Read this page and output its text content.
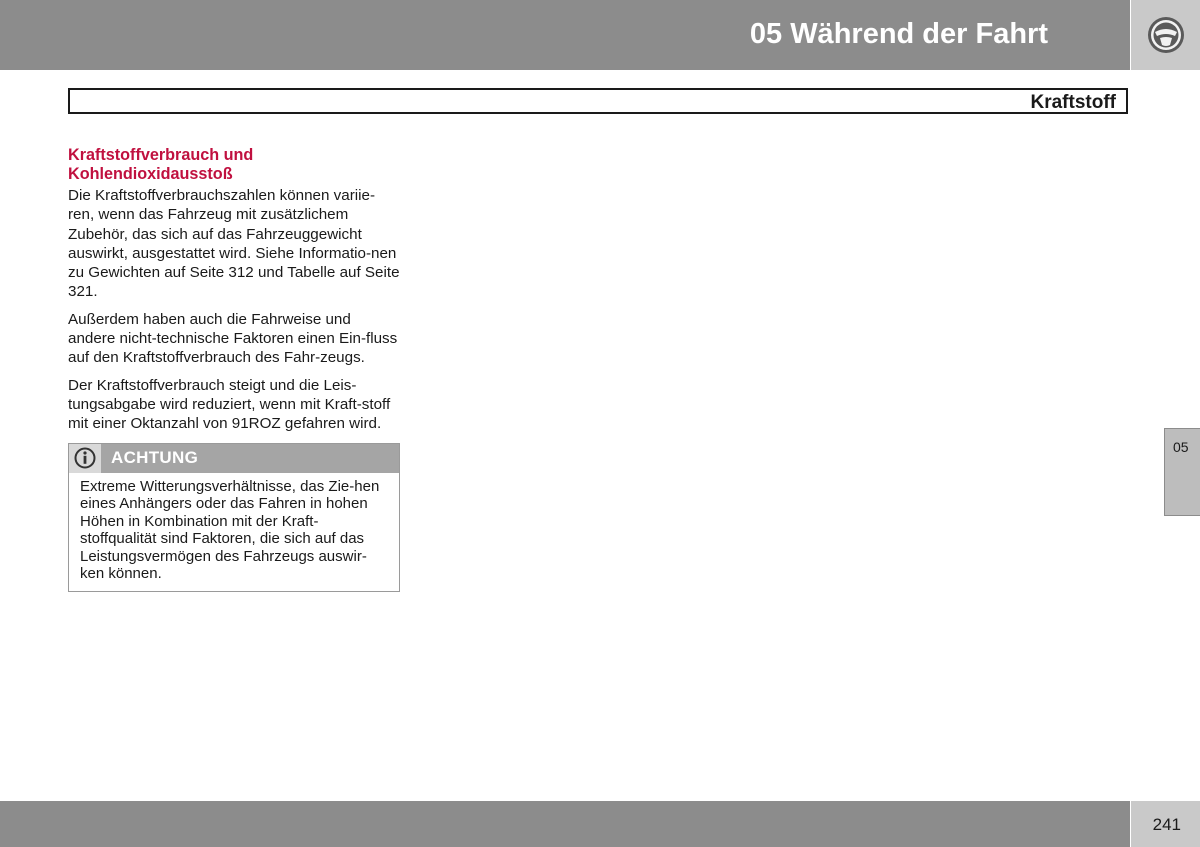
05 Während der Fahrt
Kraftstoff
Kraftstoffverbrauch und
Kohlendioxidausstoß

Die Kraftstoffverbrauchszahlen können variie-ren, wenn das Fahrzeug mit zusätzlichem Zubehör, das sich auf das Fahrzeuggewicht auswirkt, ausgestattet wird. Siehe Informatio-nen zu Gewichten auf Seite 312 und Tabelle auf Seite 321.

Außerdem haben auch die Fahrweise und andere nicht-technische Faktoren einen Ein-fluss auf den Kraftstoffverbrauch des Fahr-zeugs.

Der Kraftstoffverbrauch steigt und die Leis-tungsabgabe wird reduziert, wenn mit Kraft-stoff mit einer Oktanzahl von 91ROZ gefahren wird.

ACHTUNG
Extreme Witterungsverhältnisse, das Zie-hen eines Anhängers oder das Fahren in hohen Höhen in Kombination mit der Kraft-stoffqualität sind Faktoren, die sich auf das Leistungsvermögen des Fahrzeugs auswir-ken können.
05
241
